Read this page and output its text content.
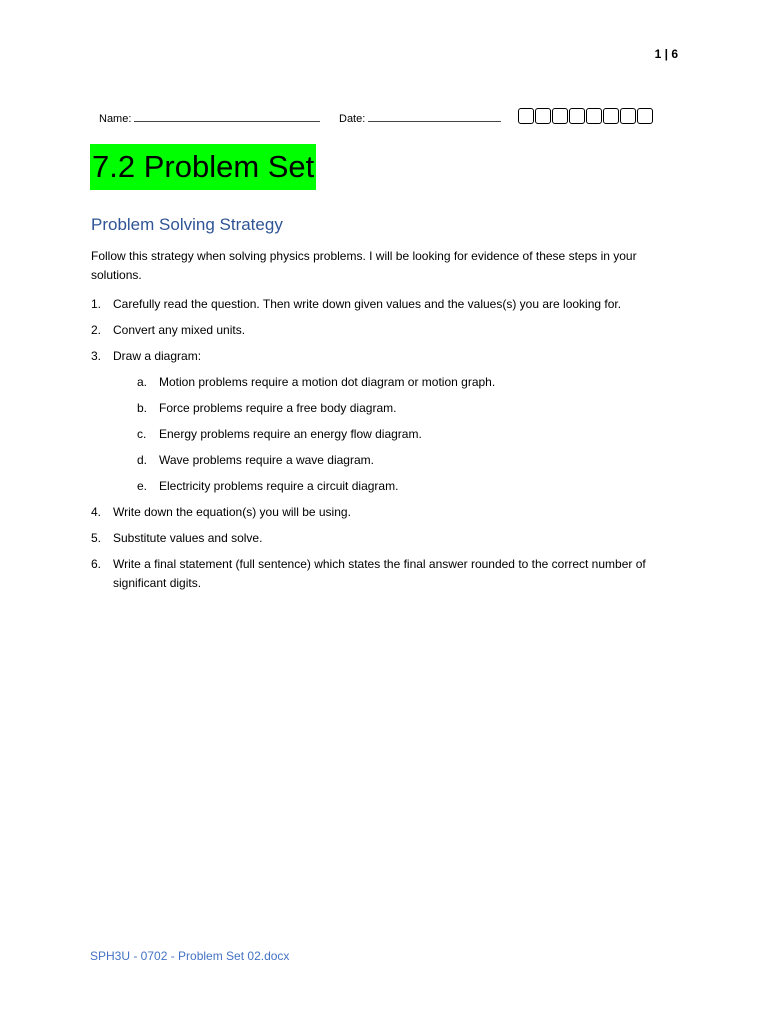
1 | 6
Name:	Date:
7.2 Problem Set
Problem Solving Strategy
Follow this strategy when solving physics problems. I will be looking for evidence of these steps in your solutions.
1. Carefully read the question. Then write down given values and the values(s) you are looking for.
2. Convert any mixed units.
3. Draw a diagram:
a. Motion problems require a motion dot diagram or motion graph.
b. Force problems require a free body diagram.
c. Energy problems require an energy flow diagram.
d. Wave problems require a wave diagram.
e. Electricity problems require a circuit diagram.
4. Write down the equation(s) you will be using.
5. Substitute values and solve.
6. Write a final statement (full sentence) which states the final answer rounded to the correct number of significant digits.
SPH3U - 0702 - Problem Set 02.docx
